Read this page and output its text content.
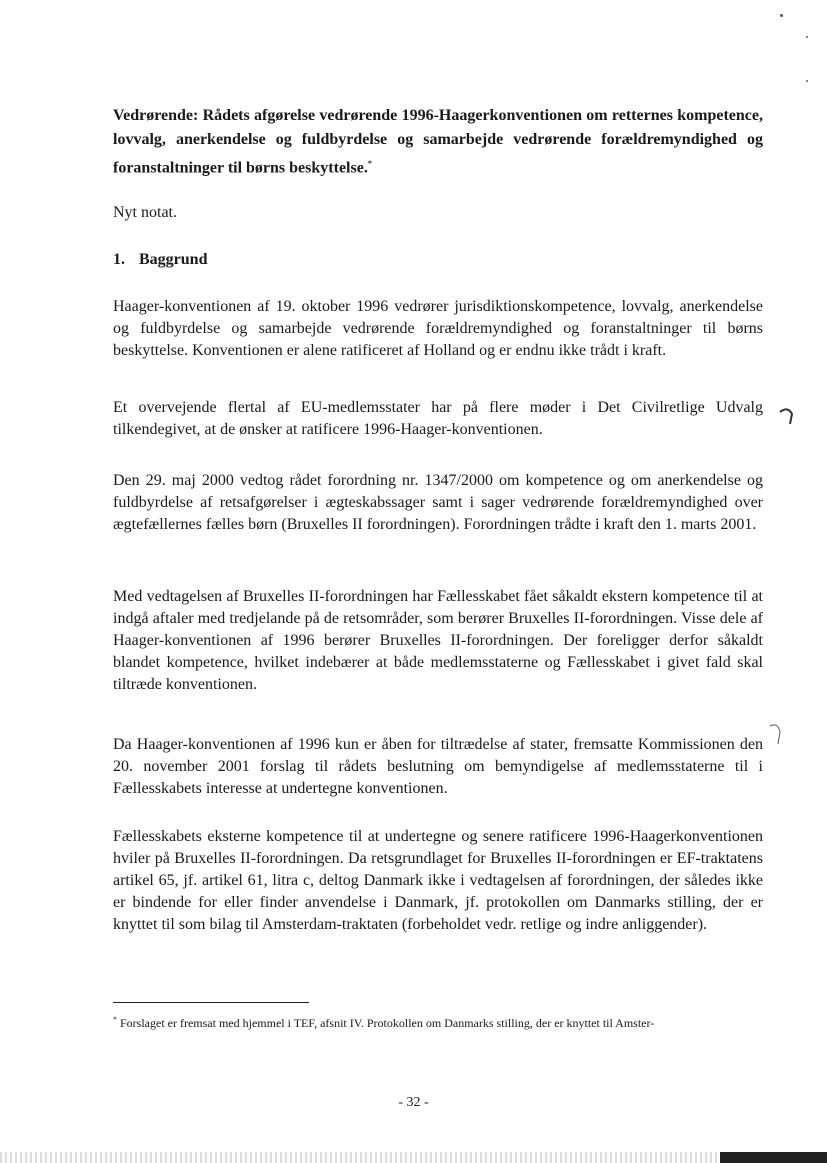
Vedrørende: Rådets afgørelse vedrørende 1996-Haagerkonventionen om retternes kompetence, lovvalg, anerkendelse og fuldbyrdelse og samarbejde vedrørende forældremyndighed og foranstaltninger til børns beskyttelse.*

Nyt notat.

1. Baggrund

Haager-konventionen af 19. oktober 1996 vedrører jurisdiktionskompetence, lovvalg, anerkendelse og fuldbyrdelse og samarbejde vedrørende forældremyndighed og foranstaltninger til børns beskyttelse. Konventionen er alene ratificeret af Holland og er endnu ikke trådt i kraft.

Et overvejende flertal af EU-medlemsstater har på flere møder i Det Civilretlige Udvalg tilkendegivet, at de ønsker at ratificere 1996-Haager-konventionen.

Den 29. maj 2000 vedtog rådet forordning nr. 1347/2000 om kompetence og om anerkendelse og fuldbyrdelse af retsafgørelser i ægteskabssager samt i sager vedrørende forældremyndighed over ægtefællernes fælles børn (Bruxelles II forordningen). Forordningen trådte i kraft den 1. marts 2001.

Med vedtagelsen af Bruxelles II-forordningen har Fællesskabet fået såkaldt ekstern kompetence til at indgå aftaler med tredjelande på de retsområder, som berører Bruxelles II-forordningen. Visse dele af Haager-konventionen af 1996 berører Bruxelles II-forordningen. Der foreligger derfor såkaldt blandet kompetence, hvilket indebærer at både medlemsstaterne og Fællesskabet i givet fald skal tiltræde konventionen.

Da Haager-konventionen af 1996 kun er åben for tiltrædelse af stater, fremsatte Kommissionen den 20. november 2001 forslag til rådets beslutning om bemyndigelse af medlemsstaterne til i Fællesskabets interesse at undertegne konventionen.

Fællesskabets eksterne kompetence til at undertegne og senere ratificere 1996-Haagerkonventionen hviler på Bruxelles II-forordningen. Da retsgrundlaget for Bruxelles II-forordningen er EF-traktatens artikel 65, jf. artikel 61, litra c, deltog Danmark ikke i vedtagelsen af forordningen, der således ikke er bindende for eller finder anvendelse i Danmark, jf. protokollen om Danmarks stilling, der er knyttet til som bilag til Amsterdam-traktaten (forbeholdet vedr. retlige og indre anliggender).

* Forslaget er fremsat med hjemmel i TEF, afsnit IV. Protokollen om Danmarks stilling, der er knyttet til Amster-
- 32 -
